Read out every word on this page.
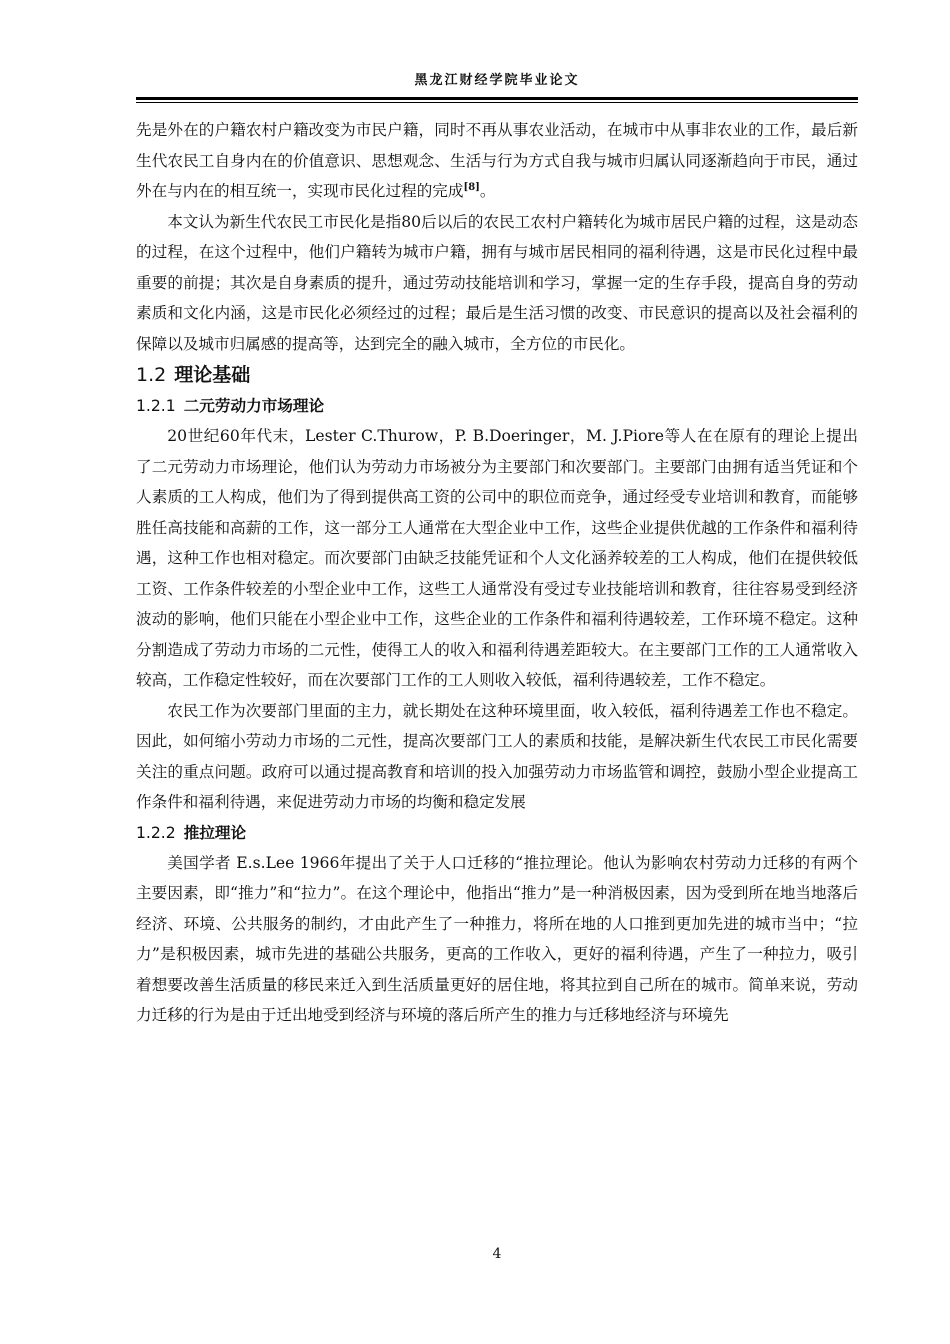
黑龙江财经学院毕业论文

先是外在的户籍农村户籍改变为市民户籍，同时不再从事农业活动，在城市中从事非农业的工作，最后新生代农民工自身内在的价值意识、思想观念、生活与行为方式自我与城市归属认同逐渐趋向于市民，通过外在与内在的相互统一，实现市民化过程的完成[8]。

本文认为新生代农民工市民化是指80后以后的农民工农村户籍转化为城市居民户籍的过程，这是动态的过程，在这个过程中，他们户籍转为城市户籍，拥有与城市居民相同的福利待遇，这是市民化过程中最重要的前提；其次是自身素质的提升，通过劳动技能培训和学习，掌握一定的生存手段，提高自身的劳动素质和文化内涵，这是市民化必须经过的过程；最后是生活习惯的改变、市民意识的提高以及社会福利的保障以及城市归属感的提高等，达到完全的融入城市，全方位的市民化。

1.2 理论基础
1.2.1 二元劳动力市场理论

20世纪60年代末，Lester C.Thurow，P. B.Doeringer，M. J.Piore等人在在原有的理论上提出了二元劳动力市场理论，他们认为劳动力市场被分为主要部门和次要部门。主要部门由拥有适当凭证和个人素质的工人构成，他们为了得到提供高工资的公司中的职位而竞争，通过经受专业培训和教育，而能够胜任高技能和高薪的工作，这一部分工人通常在大型企业中工作，这些企业提供优越的工作条件和福利待遇，这种工作也相对稳定。而次要部门由缺乏技能凭证和个人文化涵养较差的工人构成，他们在提供较低工资、工作条件较差的小型企业中工作，这些工人通常没有受过专业技能培训和教育，往往容易受到经济波动的影响，他们只能在小型企业中工作，这些企业的工作条件和福利待遇较差，工作环境不稳定。这种分割造成了劳动力市场的二元性，使得工人的收入和福利待遇差距较大。在主要部门工作的工人通常收入较高，工作稳定性较好，而在次要部门工作的工人则收入较低，福利待遇较差，工作不稳定。

农民工作为次要部门里面的主力，就长期处在这种环境里面，收入较低，福利待遇差工作也不稳定。因此，如何缩小劳动力市场的二元性，提高次要部门工人的素质和技能，是解决新生代农民工市民化需要关注的重点问题。政府可以通过提高教育和培训的投入加强劳动力市场监管和调控，鼓励小型企业提高工作条件和福利待遇，来促进劳动力市场的均衡和稳定发展

1.2.2 推拉理论

美国学者 E.s.Lee 1966年提出了关于人口迁移的“推拉理论。他认为影响农村劳动力迁移的有两个主要因素，即“推力”和“拉力”。在这个理论中，他指出“推力”是一种消极因素，因为受到所在地当地落后经济、环境、公共服务的制约，才由此产生了一种推力，将所在地的人口推到更加先进的城市当中；“拉力”是积极因素，城市先进的基础公共服务，更高的工作收入，更好的福利待遇，产生了一种拉力，吸引着想要改善生活质量的移民来迁入到生活质量更好的居住地，将其拉到自己所在的城市。简单来说，劳动力迁移的行为是由于迁出地受到经济与环境的落后所产生的推力与迁移地经济与环境先

4
